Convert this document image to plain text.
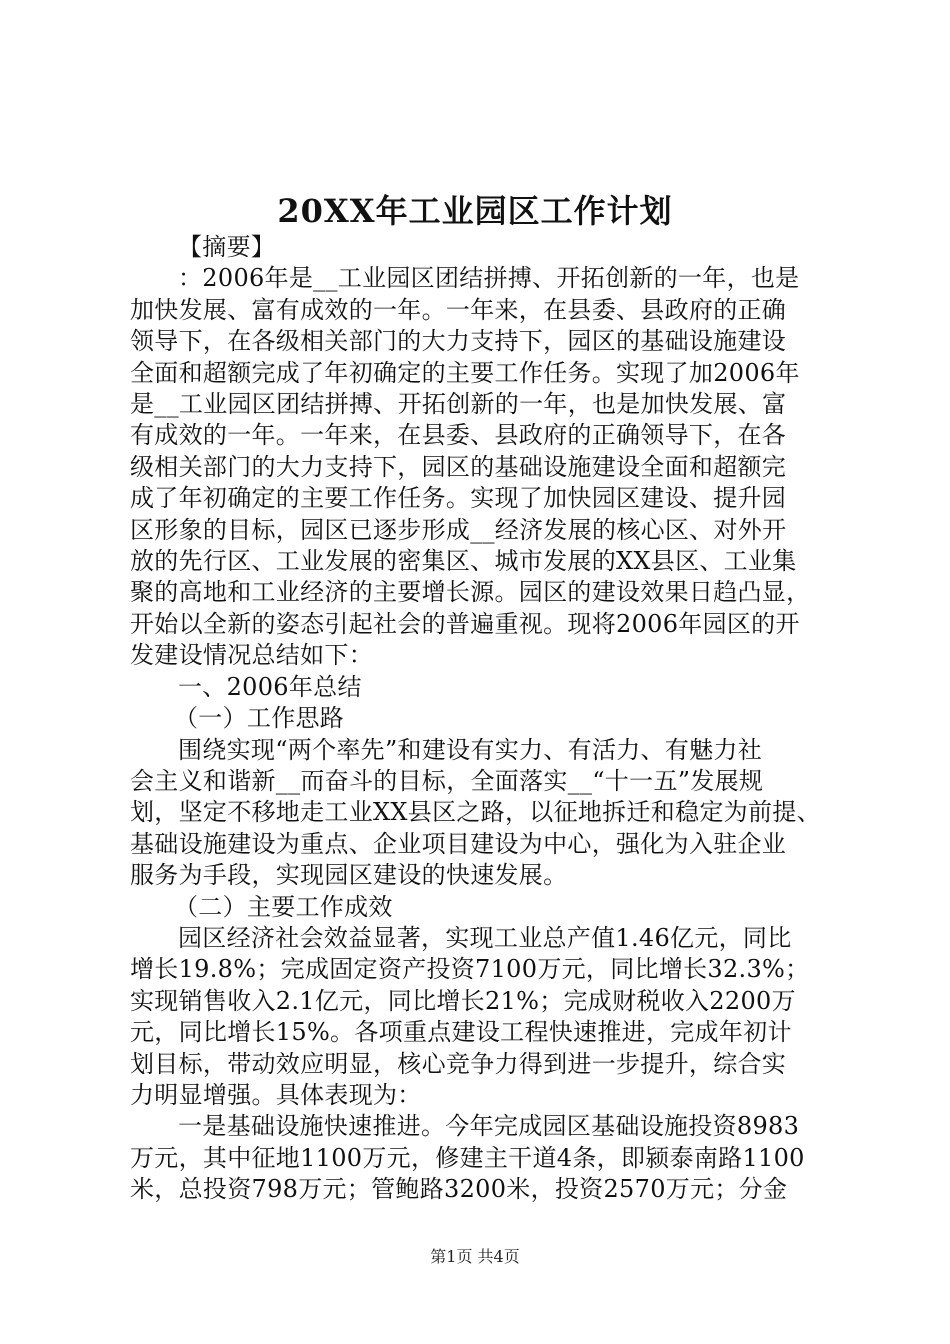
20XX年工业园区工作计划
【摘要】
：2006年是__工业园区团结拼搏、开拓创新的一年，也是
加快发展、富有成效的一年。一年来，在县委、县政府的正确
领导下，在各级相关部门的大力支持下，园区的基础设施建设
全面和超额完成了年初确定的主要工作任务。实现了加2006年
是__工业园区团结拼搏、开拓创新的一年，也是加快发展、富
有成效的一年。一年来，在县委、县政府的正确领导下，在各
级相关部门的大力支持下，园区的基础设施建设全面和超额完
成了年初确定的主要工作任务。实现了加快园区建设、提升园
区形象的目标，园区已逐步形成__经济发展的核心区、对外开
放的先行区、工业发展的密集区、城市发展的XX县区、工业集
聚的高地和工业经济的主要增长源。园区的建设效果日趋凸显，
开始以全新的姿态引起社会的普遍重视。现将2006年园区的开
发建设情况总结如下：
一、2006年总结
（一）工作思路
围绕实现“两个率先”和建设有实力、有活力、有魅力社
会主义和谐新__而奋斗的目标，全面落实__“十一五”发展规
划，坚定不移地走工业XX县区之路，以征地拆迁和稳定为前提、
基础设施建设为重点、企业项目建设为中心，强化为入驻企业
服务为手段，实现园区建设的快速发展。
（二）主要工作成效
园区经济社会效益显著，实现工业总产值1.46亿元，同比
增长19.8%；完成固定资产投资7100万元，同比增长32.3%；
实现销售收入2.1亿元，同比增长21%；完成财税收入2200万
元，同比增长15%。各项重点建设工程快速推进，完成年初计
划目标，带动效应明显，核心竞争力得到进一步提升，综合实
力明显增强。具体表现为：
一是基础设施快速推进。今年完成园区基础设施投资8983
万元，其中征地1100万元，修建主干道4条，即颍泰南路1100
米，总投资798万元；管鲍路3200米，投资2570万元；分金
第1页 共4页
